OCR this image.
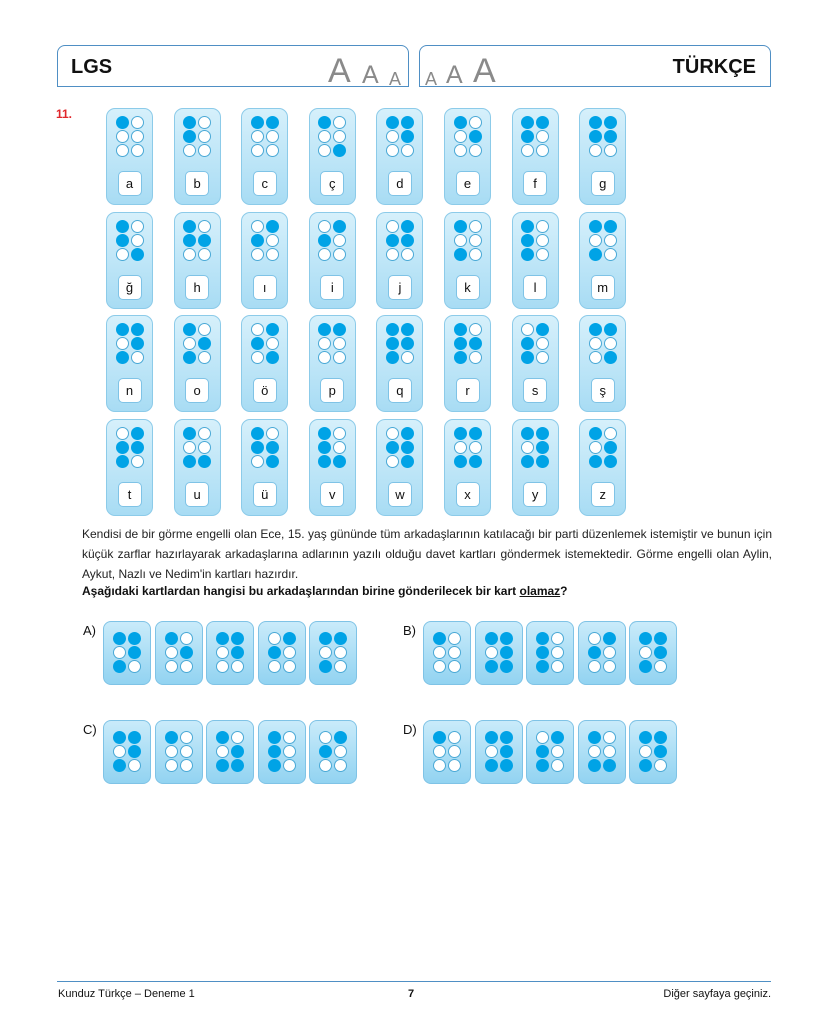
LGS	A A A A A A	TÜRKÇE
11.
a	b	c	ç	d	e	f	g
ğ	h	ı	i	j	k	l	m
n	o	ö	p	q	r	s	ş
t	u	ü	v	w	x	y	z
Kendisi de bir görme engelli olan Ece, 15. yaş gününde tüm arkadaşlarının katılacağı bir parti düzenlemek istemiştir ve bunun için küçük zarflar hazırlayarak arkadaşlarına adlarının yazılı olduğu davet kartları göndermek istemektedir. Görme engelli olan Aylin, Aykut, Nazlı ve Nedim'in kartları hazırdır.
Aşağıdaki kartlardan hangisi bu arkadaşlarından birine gönderilecek bir kart olamaz?
A)	B)
C)	D)
Kunduz Türkçe – Deneme 1	7	Diğer sayfaya geçiniz.
